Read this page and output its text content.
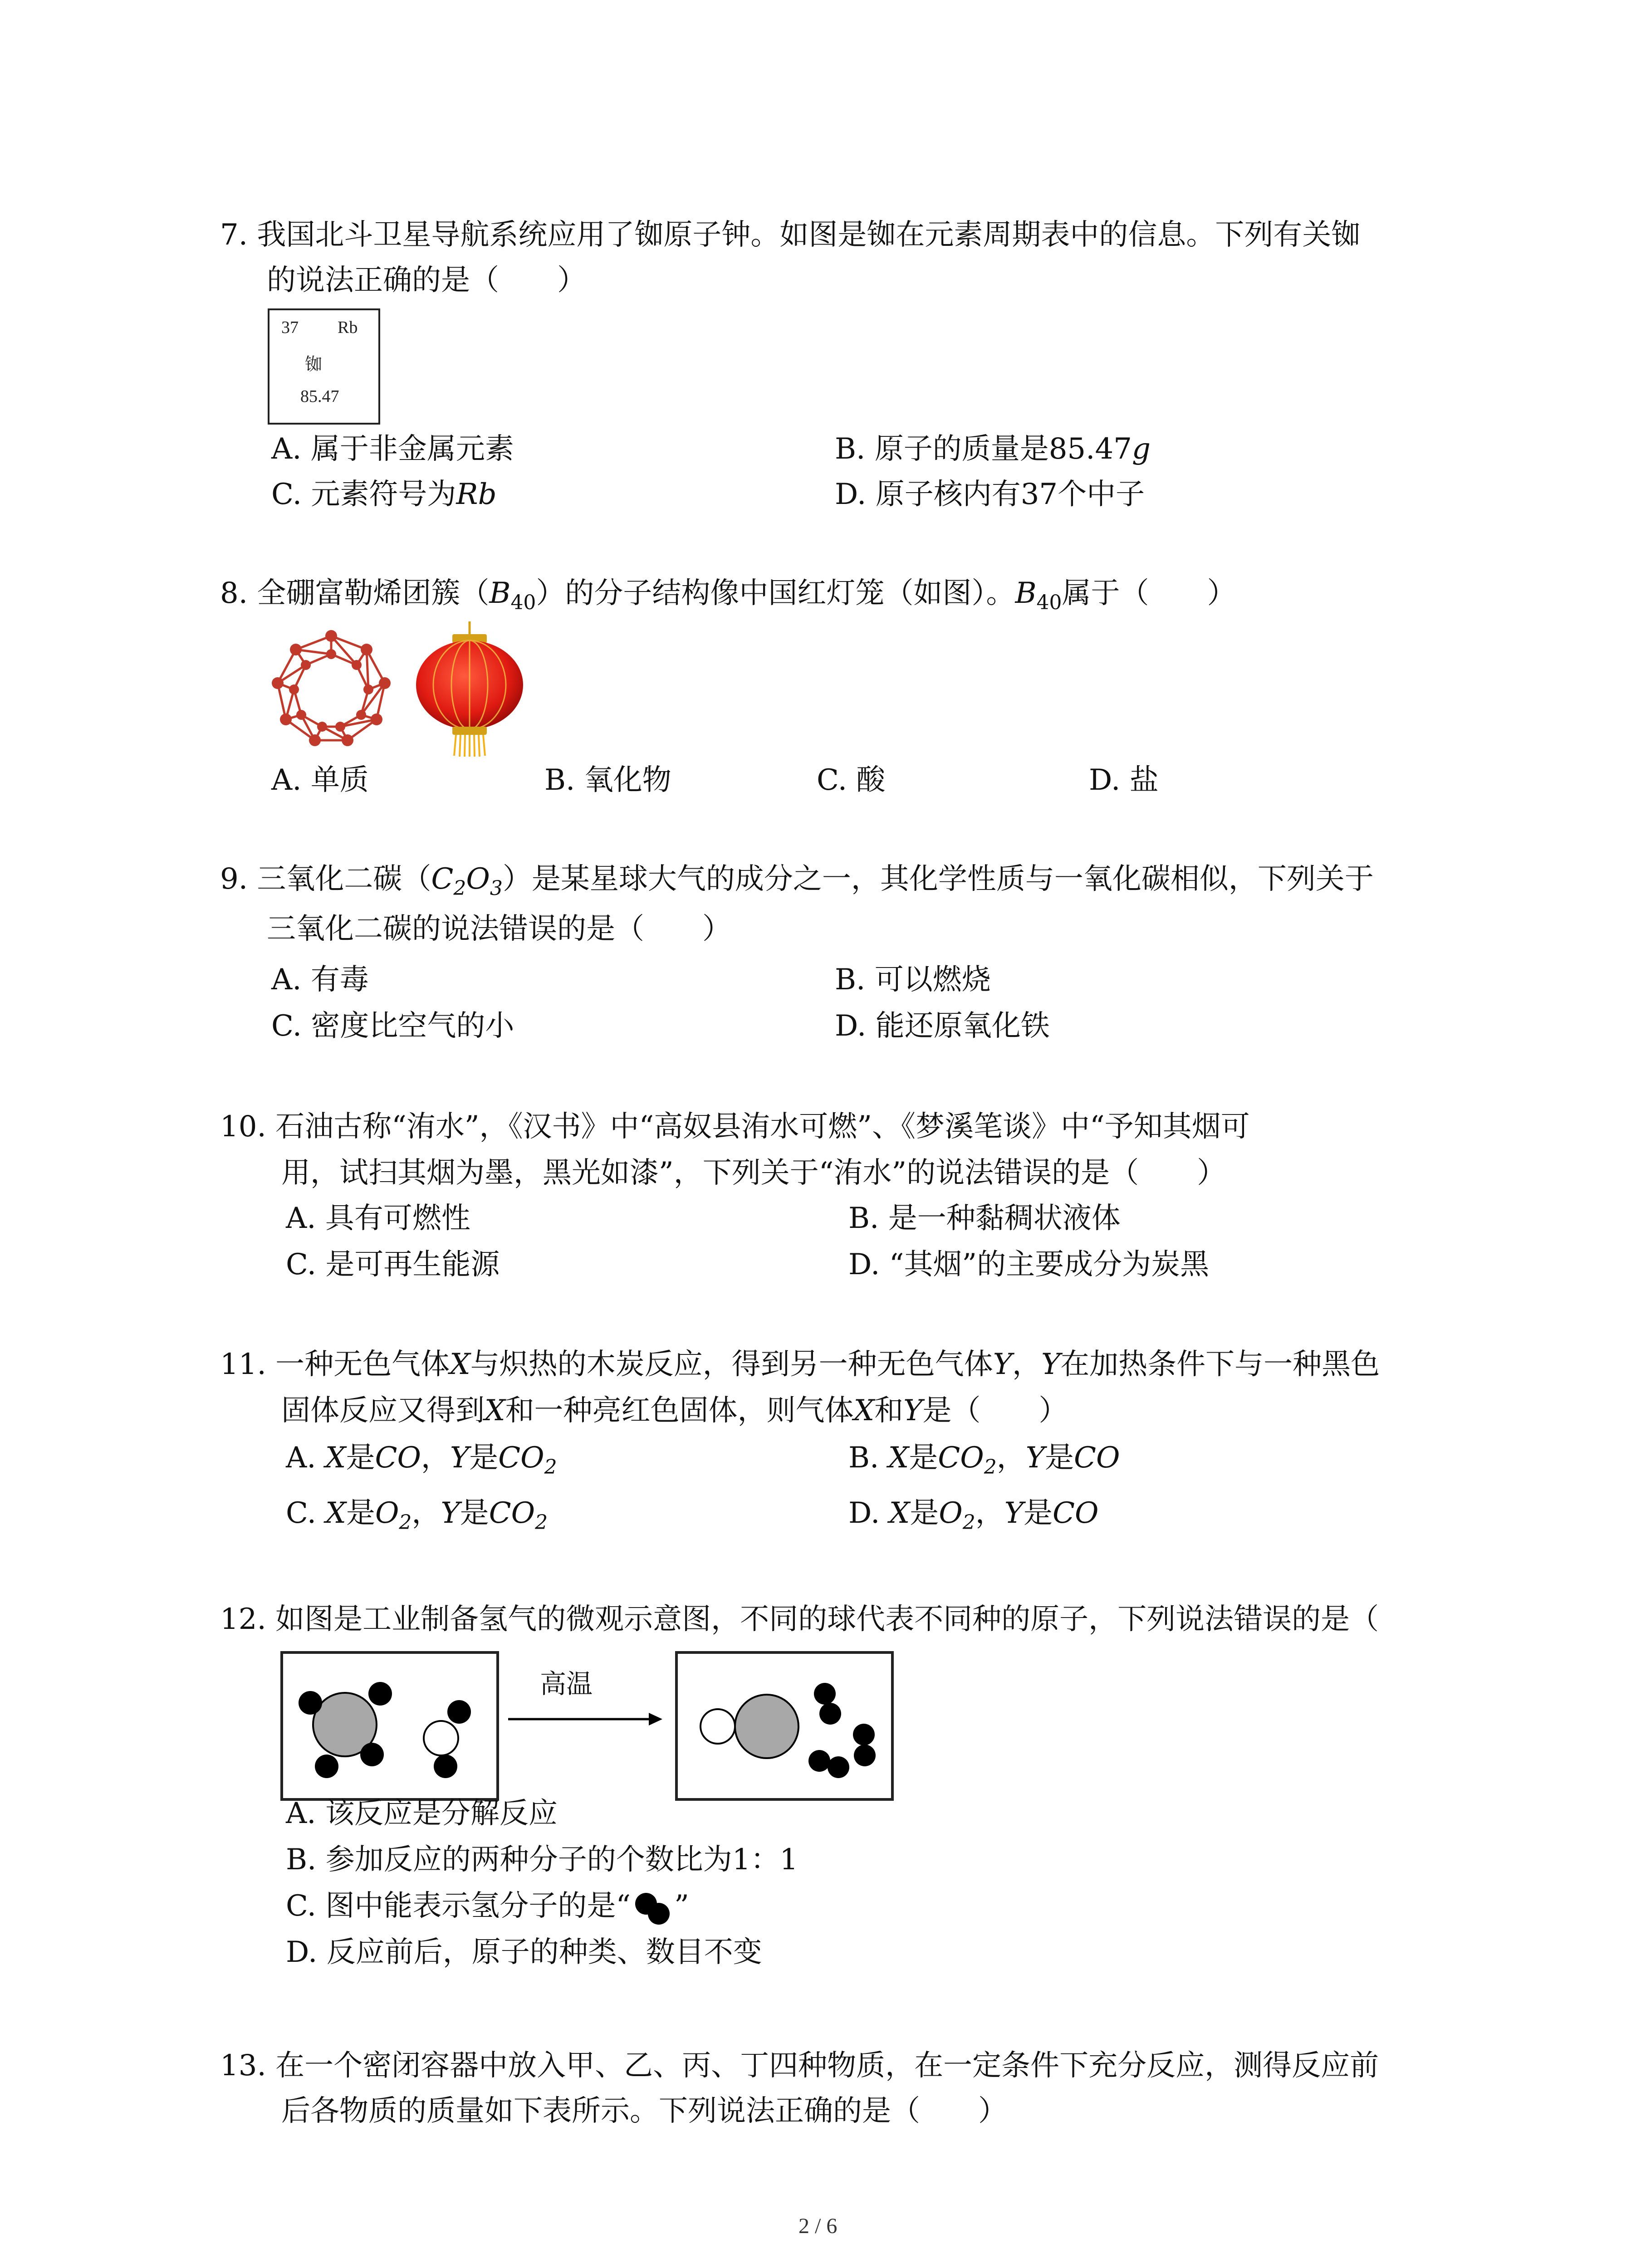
7. 我国北斗卫星导航系统应用了铷原子钟。如图是铷在元素周期表中的信息。下列有关铷
的说法正确的是（　　）
37 Rb
铷
85.47
A. 属于非金属元素	B. 原子的质量是85.47g
C. 元素符号为Rb	D. 原子核内有37个中子
8. 全硼富勒烯团簇$(B_{40})$的分子结构像中国红灯笼（如图）。$B_{40}$属于（　　）
A. 单质	B. 氧化物	C. 酸	D. 盐
9. 三氧化二碳$(C_2O_3)$是某星球大气的成分之一，其化学性质与一氧化碳相似，下列关于
三氧化二碳的说法错误的是（　　）
A. 有毒	B. 可以燃烧
C. 密度比空气的小	D. 能还原氧化铁
10. 石油古称“洧水”，《汉书》中“高奴县洧水可燃”、《梦溪笔谈》中“予知其烟可
用，试扫其烟为墨，黑光如漆”，下列关于“洧水”的说法错误的是（　　）
A. 具有可燃性	B. 是一种黏稠状液体
C. 是可再生能源	D. “其烟”的主要成分为炭黑
11. 一种无色气体X与炽热的木炭反应，得到另一种无色气体Y，Y在加热条件下与一种黑色
固体反应又得到X和一种亮红色固体，则气体X和Y是（　　）
A. X是CO，Y是$CO_2$	B. X是$CO_2$，Y是CO
C. X是$O_2$，Y是$CO_2$	D. X是$O_2$，Y是CO
12. 如图是工业制备氢气的微观示意图，不同的球代表不同种的原子，下列说法错误的是（
高温
A. 该反应是分解反应
B. 参加反应的两种分子的个数比为1：1
C. 图中能表示氢分子的是“ ”
D. 反应前后，原子的种类、数目不变
13. 在一个密闭容器中放入甲、乙、丙、丁四种物质，在一定条件下充分反应，测得反应前
后各物质的质量如下表所示。下列说法正确的是（　　）
2 / 6
